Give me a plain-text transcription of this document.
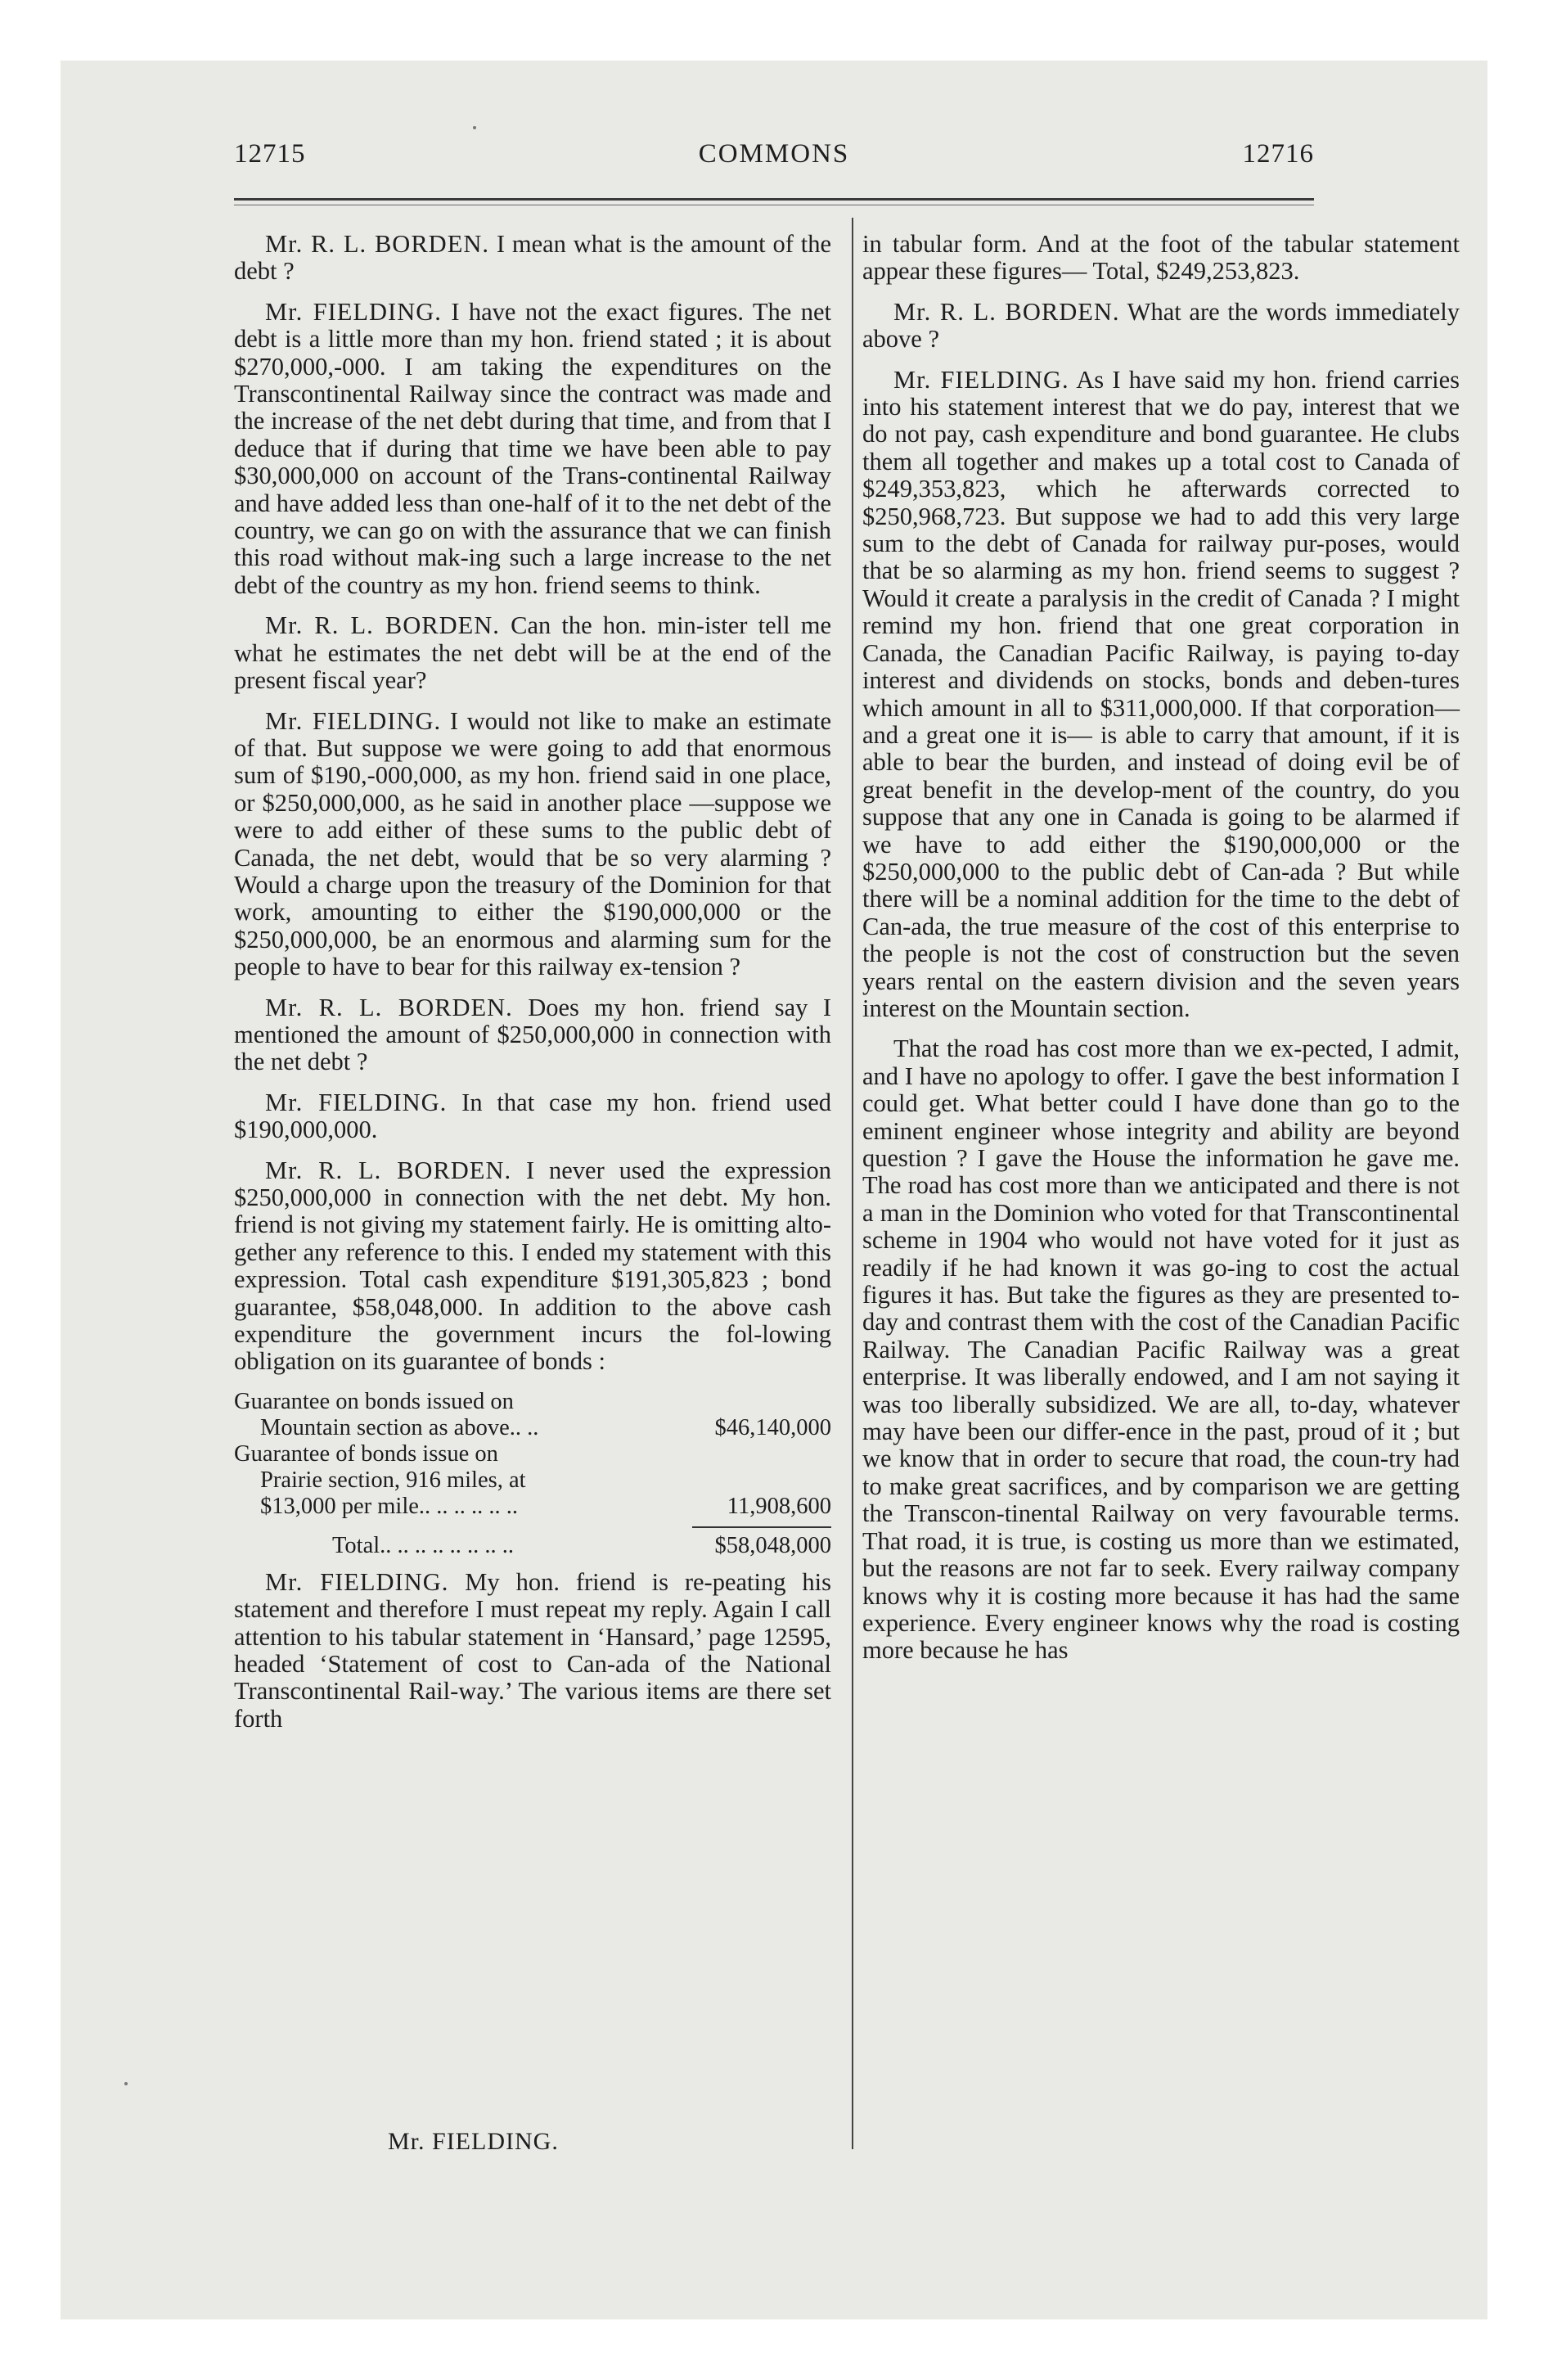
12715	COMMONS	12716

Mr. R. L. BORDEN. I mean what is the amount of the debt ?

Mr. FIELDING. I have not the exact figures. The net debt is a little more than my hon. friend stated ; it is about $270,000,-000. I am taking the expenditures on the Transcontinental Railway since the contract was made and the increase of the net debt during that time, and from that I deduce that if during that time we have been able to pay $30,000,000 on account of the Trans-continental Railway and have added less than one-half of it to the net debt of the country, we can go on with the assurance that we can finish this road without mak-ing such a large increase to the net debt of the country as my hon. friend seems to think.

Mr. R. L. BORDEN. Can the hon. min-ister tell me what he estimates the net debt will be at the end of the present fiscal year?

Mr. FIELDING. I would not like to make an estimate of that. But suppose we were going to add that enormous sum of $190,-000,000, as my hon. friend said in one place, or $250,000,000, as he said in another place —suppose we were to add either of these sums to the public debt of Canada, the net debt, would that be so very alarming ? Would a charge upon the treasury of the Dominion for that work, amounting to either the $190,000,000 or the $250,000,000, be an enormous and alarming sum for the people to have to bear for this railway ex-tension ?

Mr. R. L. BORDEN. Does my hon. friend say I mentioned the amount of $250,000,000 in connection with the net debt ?

Mr. FIELDING. In that case my hon. friend used $190,000,000.

Mr. R. L. BORDEN. I never used the expression $250,000,000 in connection with the net debt. My hon. friend is not giving my statement fairly. He is omitting alto-gether any reference to this. I ended my statement with this expression. Total cash expenditure $191,305,823 ; bond guarantee, $58,048,000. In addition to the above cash expenditure the government incurs the fol-lowing obligation on its guarantee of bonds :

Guarantee on bonds issued on
Mountain section as above.. ..	$46,140,000
Guarantee of bonds issue on
Prairie section, 916 miles, at
$13,000 per mile.. .. .. .. .. ..	11,908,600
Total.. .. .. .. .. .. .. ..	$58,048,000

Mr. FIELDING. My hon. friend is re-peating his statement and therefore I must repeat my reply. Again I call attention to his tabular statement in ‘Hansard,’ page 12595, headed ‘Statement of cost to Can-ada of the National Transcontinental Rail-way.’ The various items are there set forth

in tabular form. And at the foot of the tabular statement appear these figures— Total, $249,253,823.

Mr. R. L. BORDEN. What are the words immediately above ?

Mr. FIELDING. As I have said my hon. friend carries into his statement interest that we do pay, interest that we do not pay, cash expenditure and bond guarantee. He clubs them all together and makes up a total cost to Canada of $249,353,823, which he afterwards corrected to $250,968,723. But suppose we had to add this very large sum to the debt of Canada for railway pur-poses, would that be so alarming as my hon. friend seems to suggest ? Would it create a paralysis in the credit of Canada ? I might remind my hon. friend that one great corporation in Canada, the Canadian Pacific Railway, is paying to-day interest and dividends on stocks, bonds and deben-tures which amount in all to $311,000,000. If that corporation—and a great one it is— is able to carry that amount, if it is able to bear the burden, and instead of doing evil be of great benefit in the develop-ment of the country, do you suppose that any one in Canada is going to be alarmed if we have to add either the $190,000,000 or the $250,000,000 to the public debt of Can-ada ? But while there will be a nominal addition for the time to the debt of Can-ada, the true measure of the cost of this enterprise to the people is not the cost of construction but the seven years rental on the eastern division and the seven years interest on the Mountain section.

That the road has cost more than we ex-pected, I admit, and I have no apology to offer. I gave the best information I could get. What better could I have done than go to the eminent engineer whose integrity and ability are beyond question ? I gave the House the information he gave me. The road has cost more than we anticipated and there is not a man in the Dominion who voted for that Transcontinental scheme in 1904 who would not have voted for it just as readily if he had known it was go-ing to cost the actual figures it has. But take the figures as they are presented to-day and contrast them with the cost of the Canadian Pacific Railway. The Canadian Pacific Railway was a great enterprise. It was liberally endowed, and I am not saying it was too liberally subsidized. We are all, to-day, whatever may have been our differ-ence in the past, proud of it ; but we know that in order to secure that road, the coun-try had to make great sacrifices, and by comparison we are getting the Transcon-tinental Railway on very favourable terms. That road, it is true, is costing us more than we estimated, but the reasons are not far to seek. Every railway company knows why it is costing more because it has had the same experience. Every engineer knows why the road is costing more because he has

Mr. FIELDING.
